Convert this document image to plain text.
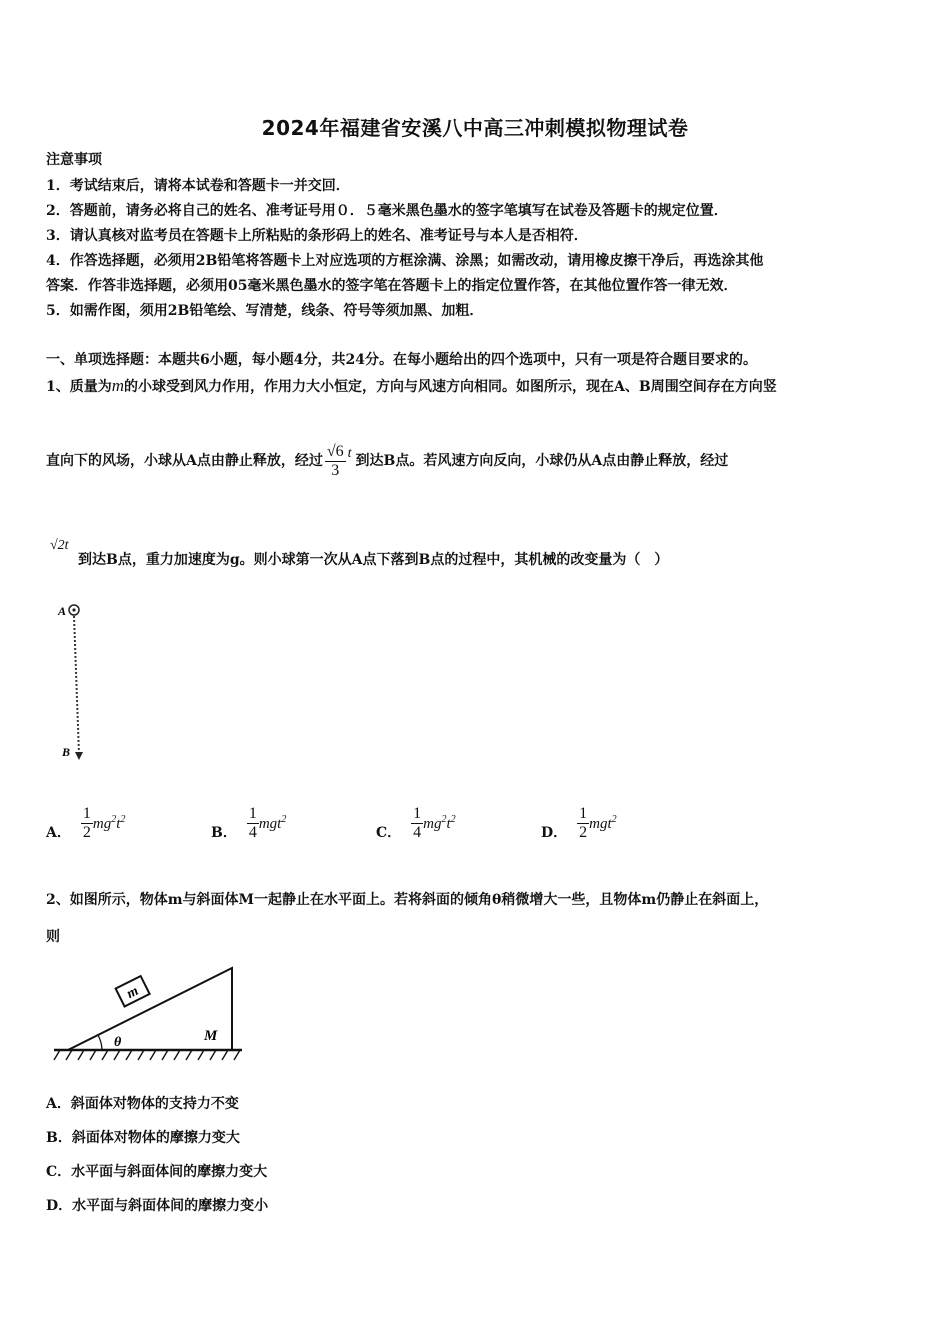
2024年福建省安溪八中高三冲刺模拟物理试卷
注意事项
1．考试结束后，请将本试卷和答题卡一并交回．
2．答题前，请务必将自己的姓名、准考证号用０．５毫米黑色墨水的签字笔填写在试卷及答题卡的规定位置．
3．请认真核对监考员在答题卡上所粘贴的条形码上的姓名、准考证号与本人是否相符．
4．作答选择题，必须用2B铅笔将答题卡上对应选项的方框涂满、涂黑；如需改动，请用橡皮擦干净后，再选涂其他
答案．作答非选择题，必须用05毫米黑色墨水的签字笔在答题卡上的指定位置作答，在其他位置作答一律无效．
5．如需作图，须用2B铅笔绘、写清楚，线条、符号等须加黑、加粗．
一、单项选择题：本题共6小题，每小题4分，共24分。在每小题给出的四个选项中，只有一项是符合题目要求的。
1、质量为m的小球受到风力作用，作用力大小恒定，方向与风速方向相同。如图所示，现在A、B周围空间存在方向竖
直向下的风场，小球从A点由静止释放，经过 $\frac{√6}{3}$ t 到达B点。若风速方向反向，小球仍从A点由静止释放，经过
√2t
到达B点，重力加速度为g。则小球第一次从A点下落到B点的过程中，其机械的改变量为（　）
A
B
A． $\frac{1}{2} mg^2t^2$
B． $\frac{1}{4} mgt^2$
C． $\frac{1}{4} mg^2t^2$
D． $\frac{1}{2} mgt^2$
2、如图所示，物体m与斜面体M一起静止在水平面上。若将斜面的倾角θ稍微增大一些，且物体m仍静止在斜面上，
则
m
θ	M
A．斜面体对物体的支持力不变
B．斜面体对物体的摩擦力变大
C．水平面与斜面体间的摩擦力变大
D．水平面与斜面体间的摩擦力变小
